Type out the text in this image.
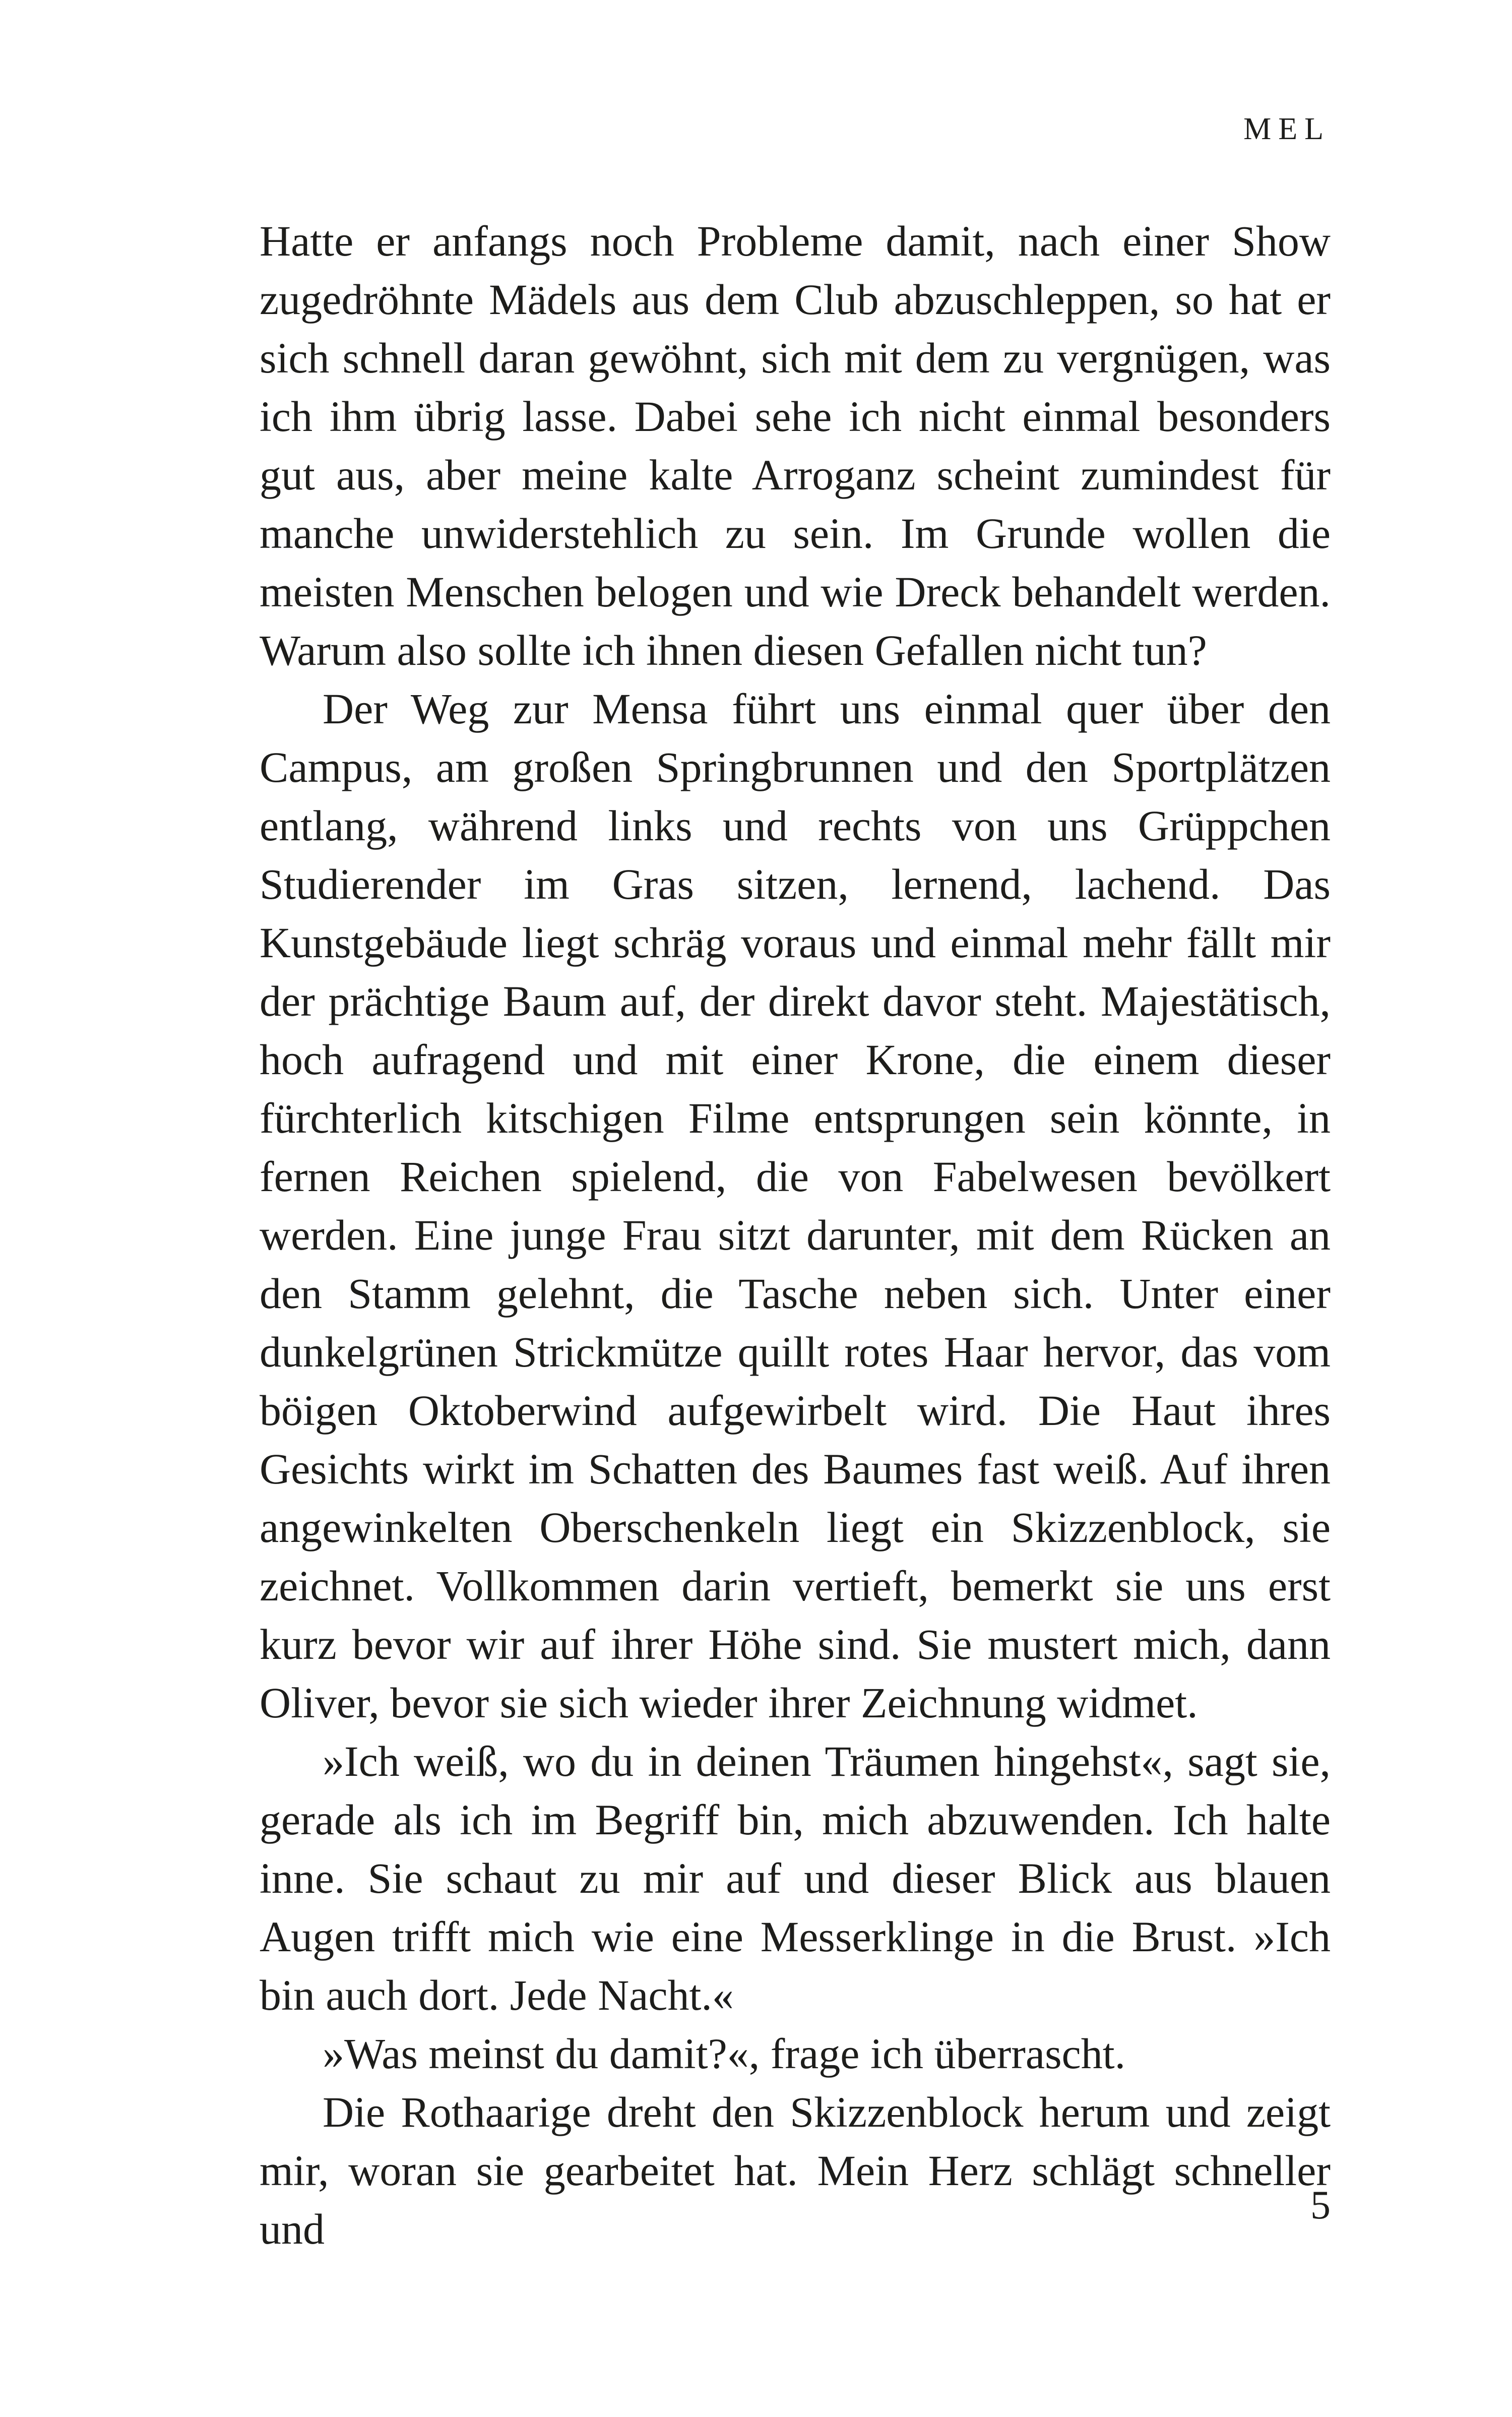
MEL

Hatte er anfangs noch Probleme damit, nach einer Show zugedröhnte Mädels aus dem Club abzuschleppen, so hat er sich schnell daran gewöhnt, sich mit dem zu vergnügen, was ich ihm übrig lasse. Dabei sehe ich nicht einmal besonders gut aus, aber meine kalte Arroganz scheint zumindest für manche unwiderstehlich zu sein. Im Grunde wollen die meisten Menschen belogen und wie Dreck behandelt werden. Warum also sollte ich ihnen diesen Gefallen nicht tun?

Der Weg zur Mensa führt uns einmal quer über den Campus, am großen Springbrunnen und den Sportplätzen entlang, während links und rechts von uns Grüppchen Studierender im Gras sitzen, lernend, lachend. Das Kunstgebäude liegt schräg voraus und einmal mehr fällt mir der prächtige Baum auf, der direkt davor steht. Majestätisch, hoch aufragend und mit einer Krone, die einem dieser fürchterlich kitschigen Filme entsprungen sein könnte, in fernen Reichen spielend, die von Fabelwesen bevölkert werden. Eine junge Frau sitzt darunter, mit dem Rücken an den Stamm gelehnt, die Tasche neben sich. Unter einer dunkelgrünen Strickmütze quillt rotes Haar hervor, das vom böigen Oktoberwind aufgewirbelt wird. Die Haut ihres Gesichts wirkt im Schatten des Baumes fast weiß. Auf ihren angewinkelten Oberschenkeln liegt ein Skizzenblock, sie zeichnet. Vollkommen darin vertieft, bemerkt sie uns erst kurz bevor wir auf ihrer Höhe sind. Sie mustert mich, dann Oliver, bevor sie sich wieder ihrer Zeichnung widmet.

»Ich weiß, wo du in deinen Träumen hingehst«, sagt sie, gerade als ich im Begriff bin, mich abzuwenden. Ich halte inne. Sie schaut zu mir auf und dieser Blick aus blauen Augen trifft mich wie eine Messerklinge in die Brust. »Ich bin auch dort. Jede Nacht.«

»Was meinst du damit?«, frage ich überrascht.

Die Rothaarige dreht den Skizzenblock herum und zeigt mir, woran sie gearbeitet hat. Mein Herz schlägt schneller und	5
